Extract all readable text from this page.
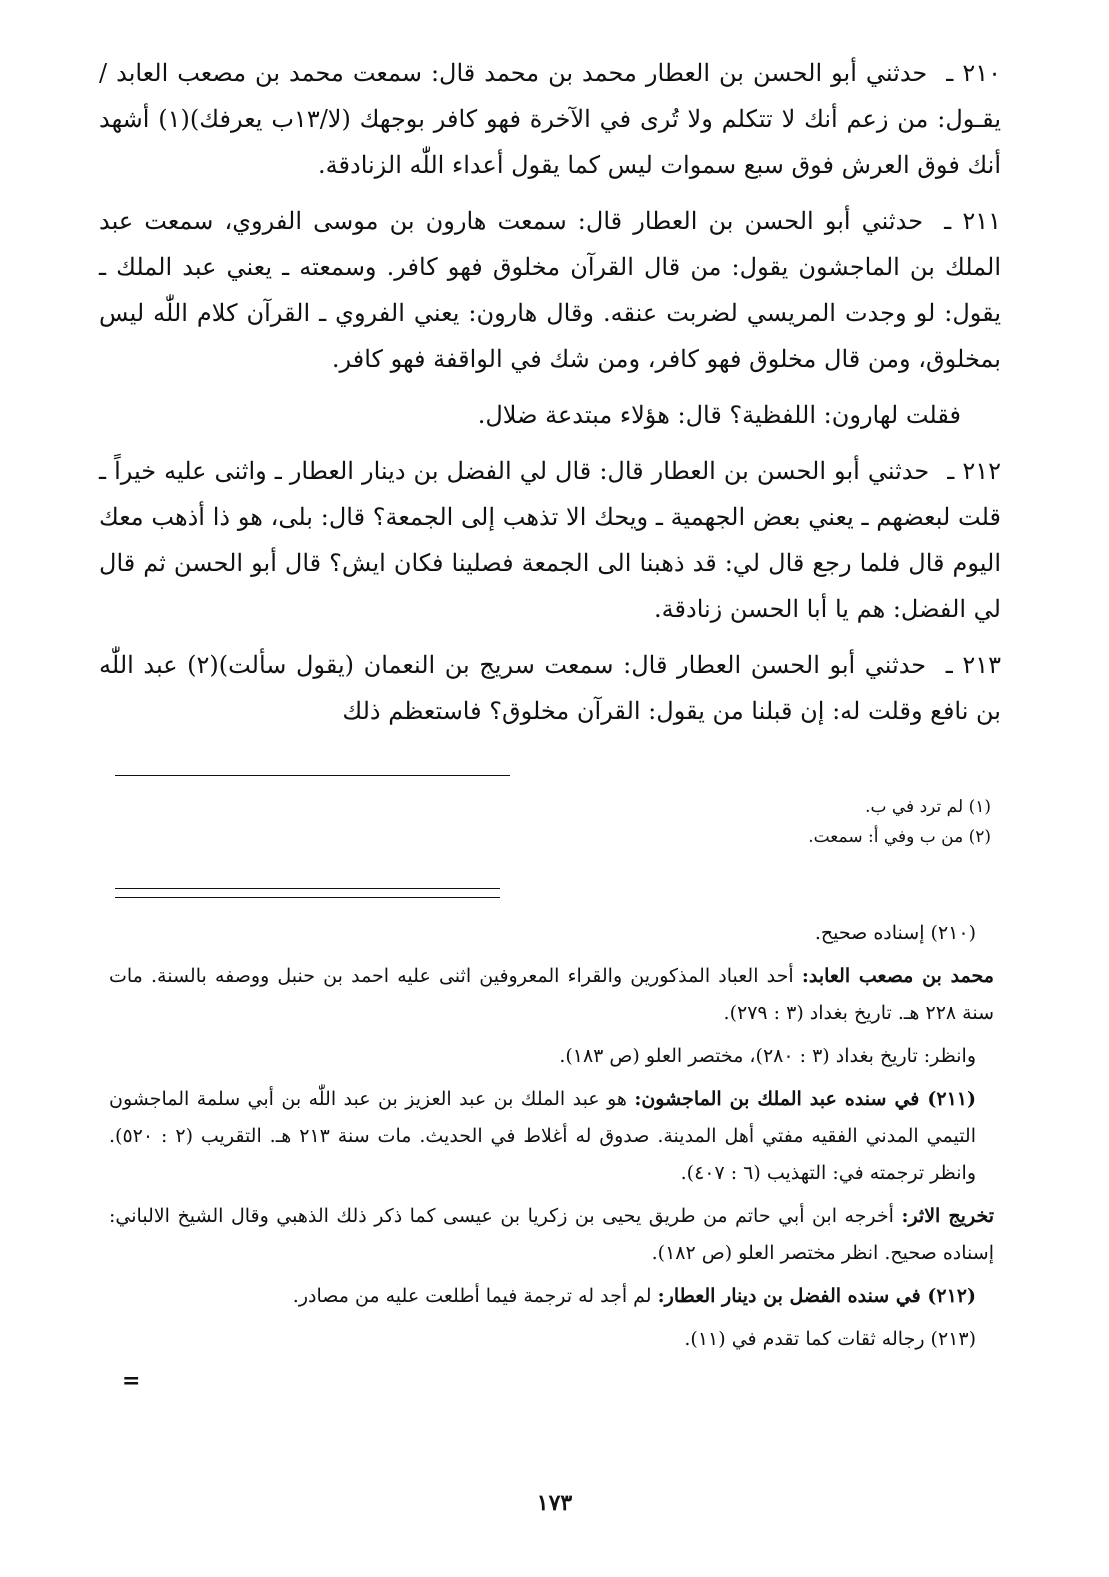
٢١٠ ـ حدثني أبو الحسن بن العطار محمد بن محمد قال: سمعت محمد بن مصعب العابد / يقـول: من زعم أنك لا تتكلم ولا تُرى في الآخرة فهو كافر بوجهك (لا/١٣ب يعرفك)(١) أشهد أنك فوق العرش فوق سبع سموات ليس كما يقول أعداء اللّٰه الزنادقة.

٢١١ ـ حدثني أبو الحسن بن العطار قال: سمعت هارون بن موسى الفروي، سمعت عبد الملك بن الماجشون يقول: من قال القرآن مخلوق فهو كافر. وسمعته ـ يعني عبد الملك ـ يقول: لو وجدت المريسي لضربت عنقه. وقال هارون: يعني الفروي ـ القرآن كلام اللّٰه ليس بمخلوق، ومن قال مخلوق فهو كافر، ومن شك في الواقفة فهو كافر.

فقلت لهارون: اللفظية؟ قال: هؤلاء مبتدعة ضلال.

٢١٢ ـ حدثني أبو الحسن بن العطار قال: قال لي الفضل بن دينار العطار ـ واثنى عليه خيراً ـ قلت لبعضهم ـ يعني بعض الجهمية ـ ويحك الا تذهب إلى الجمعة؟ قال: بلى، هو ذا أذهب معك اليوم قال فلما رجع قال لي: قد ذهبنا الى الجمعة فصلينا فكان ايش؟ قال أبو الحسن ثم قال لي الفضل: هم يا أبا الحسن زنادقة.

٢١٣ ـ حدثني أبو الحسن العطار قال: سمعت سريج بن النعمان (يقول سألت)(٢) عبد اللّٰه بن نافع وقلت له: إن قبلنا من يقول: القرآن مخلوق؟ فاستعظم ذلك

(١) لم ترد في ب.

(٢) من ب وفي أ: سمعت.

(٢١٠) إسناده صحيح.

محمد بن مصعب العابد: أحد العباد المذكورين والقراء المعروفين اثنى عليه احمد بن حنبل ووصفه بالسنة. مات سنة ٢٢٨ هـ. تاريخ بغداد (٣ : ٢٧٩).

وانظر: تاريخ بغداد (٣ : ٢٨٠)، مختصر العلو (ص ١٨٣).

(٢١١) في سنده عبد الملك بن الماجشون: هو عبد الملك بن عبد العزيز بن عبد اللّٰه بن أبي سلمة الماجشون التيمي المدني الفقيه مفتي أهل المدينة. صدوق له أغلاط في الحديث. مات سنة ٢١٣ هـ. التقريب (٢ : ٥٢٠). وانظر ترجمته في: التهذيب (٦ : ٤٠٧).

تخريج الاثر: أخرجه ابن أبي حاتم من طريق يحيى بن زكريا بن عيسى كما ذكر ذلك الذهبي وقال الشيخ الالباني: إسناده صحيح. انظر مختصر العلو (ص ١٨٢).

(٢١٢) في سنده الفضل بن دينار العطار: لم أجد له ترجمة فيما أطلعت عليه من مصادر.

(٢١٣) رجاله ثقات كما تقدم في (١١).

=
١٧٣
